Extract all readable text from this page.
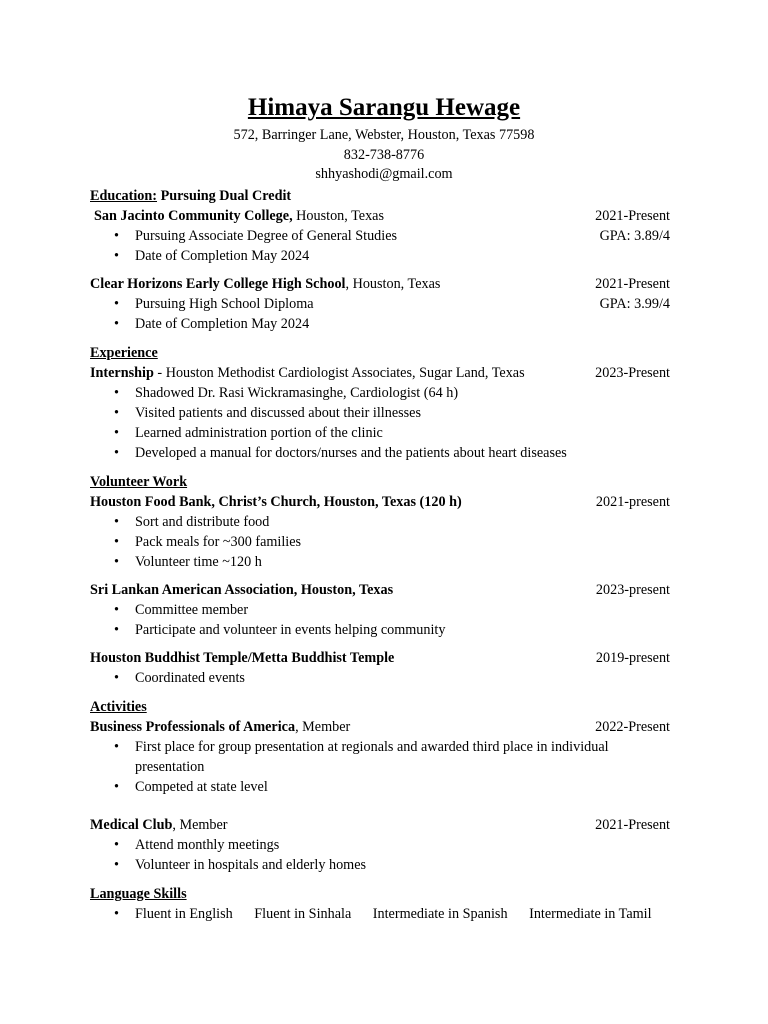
Himaya Sarangu Hewage
572, Barringer Lane, Webster, Houston, Texas 77598
832-738-8776
shhyashodi@gmail.com
Education: Pursuing Dual Credit
San Jacinto Community College, Houston, Texas	2021-Present
• Pursuing Associate Degree of General Studies	GPA: 3.89/4
• Date of Completion May 2024
Clear Horizons Early College High School, Houston, Texas	2021-Present
• Pursuing High School Diploma	GPA: 3.99/4
• Date of Completion May 2024
Experience
Internship - Houston Methodist Cardiologist Associates, Sugar Land, Texas	2023-Present
• Shadowed Dr. Rasi Wickramasinghe, Cardiologist (64 h)
• Visited patients and discussed about their illnesses
• Learned administration portion of the clinic
• Developed a manual for doctors/nurses and the patients about heart diseases
Volunteer Work
Houston Food Bank, Christ’s Church, Houston, Texas (120 h)	2021-present
• Sort and distribute food
• Pack meals for ~300 families
• Volunteer time ~120 h
Sri Lankan American Association, Houston, Texas	2023-present
• Committee member
• Participate and volunteer in events helping community
Houston Buddhist Temple/Metta Buddhist Temple	2019-present
• Coordinated events
Activities
Business Professionals of America, Member	2022-Present
• First place for group presentation at regionals and awarded third place in individual presentation
• Competed at state level
Medical Club, Member	2021-Present
• Attend monthly meetings
• Volunteer in hospitals and elderly homes
Language Skills
• Fluent in English Fluent in Sinhala Intermediate in Spanish Intermediate in Tamil
